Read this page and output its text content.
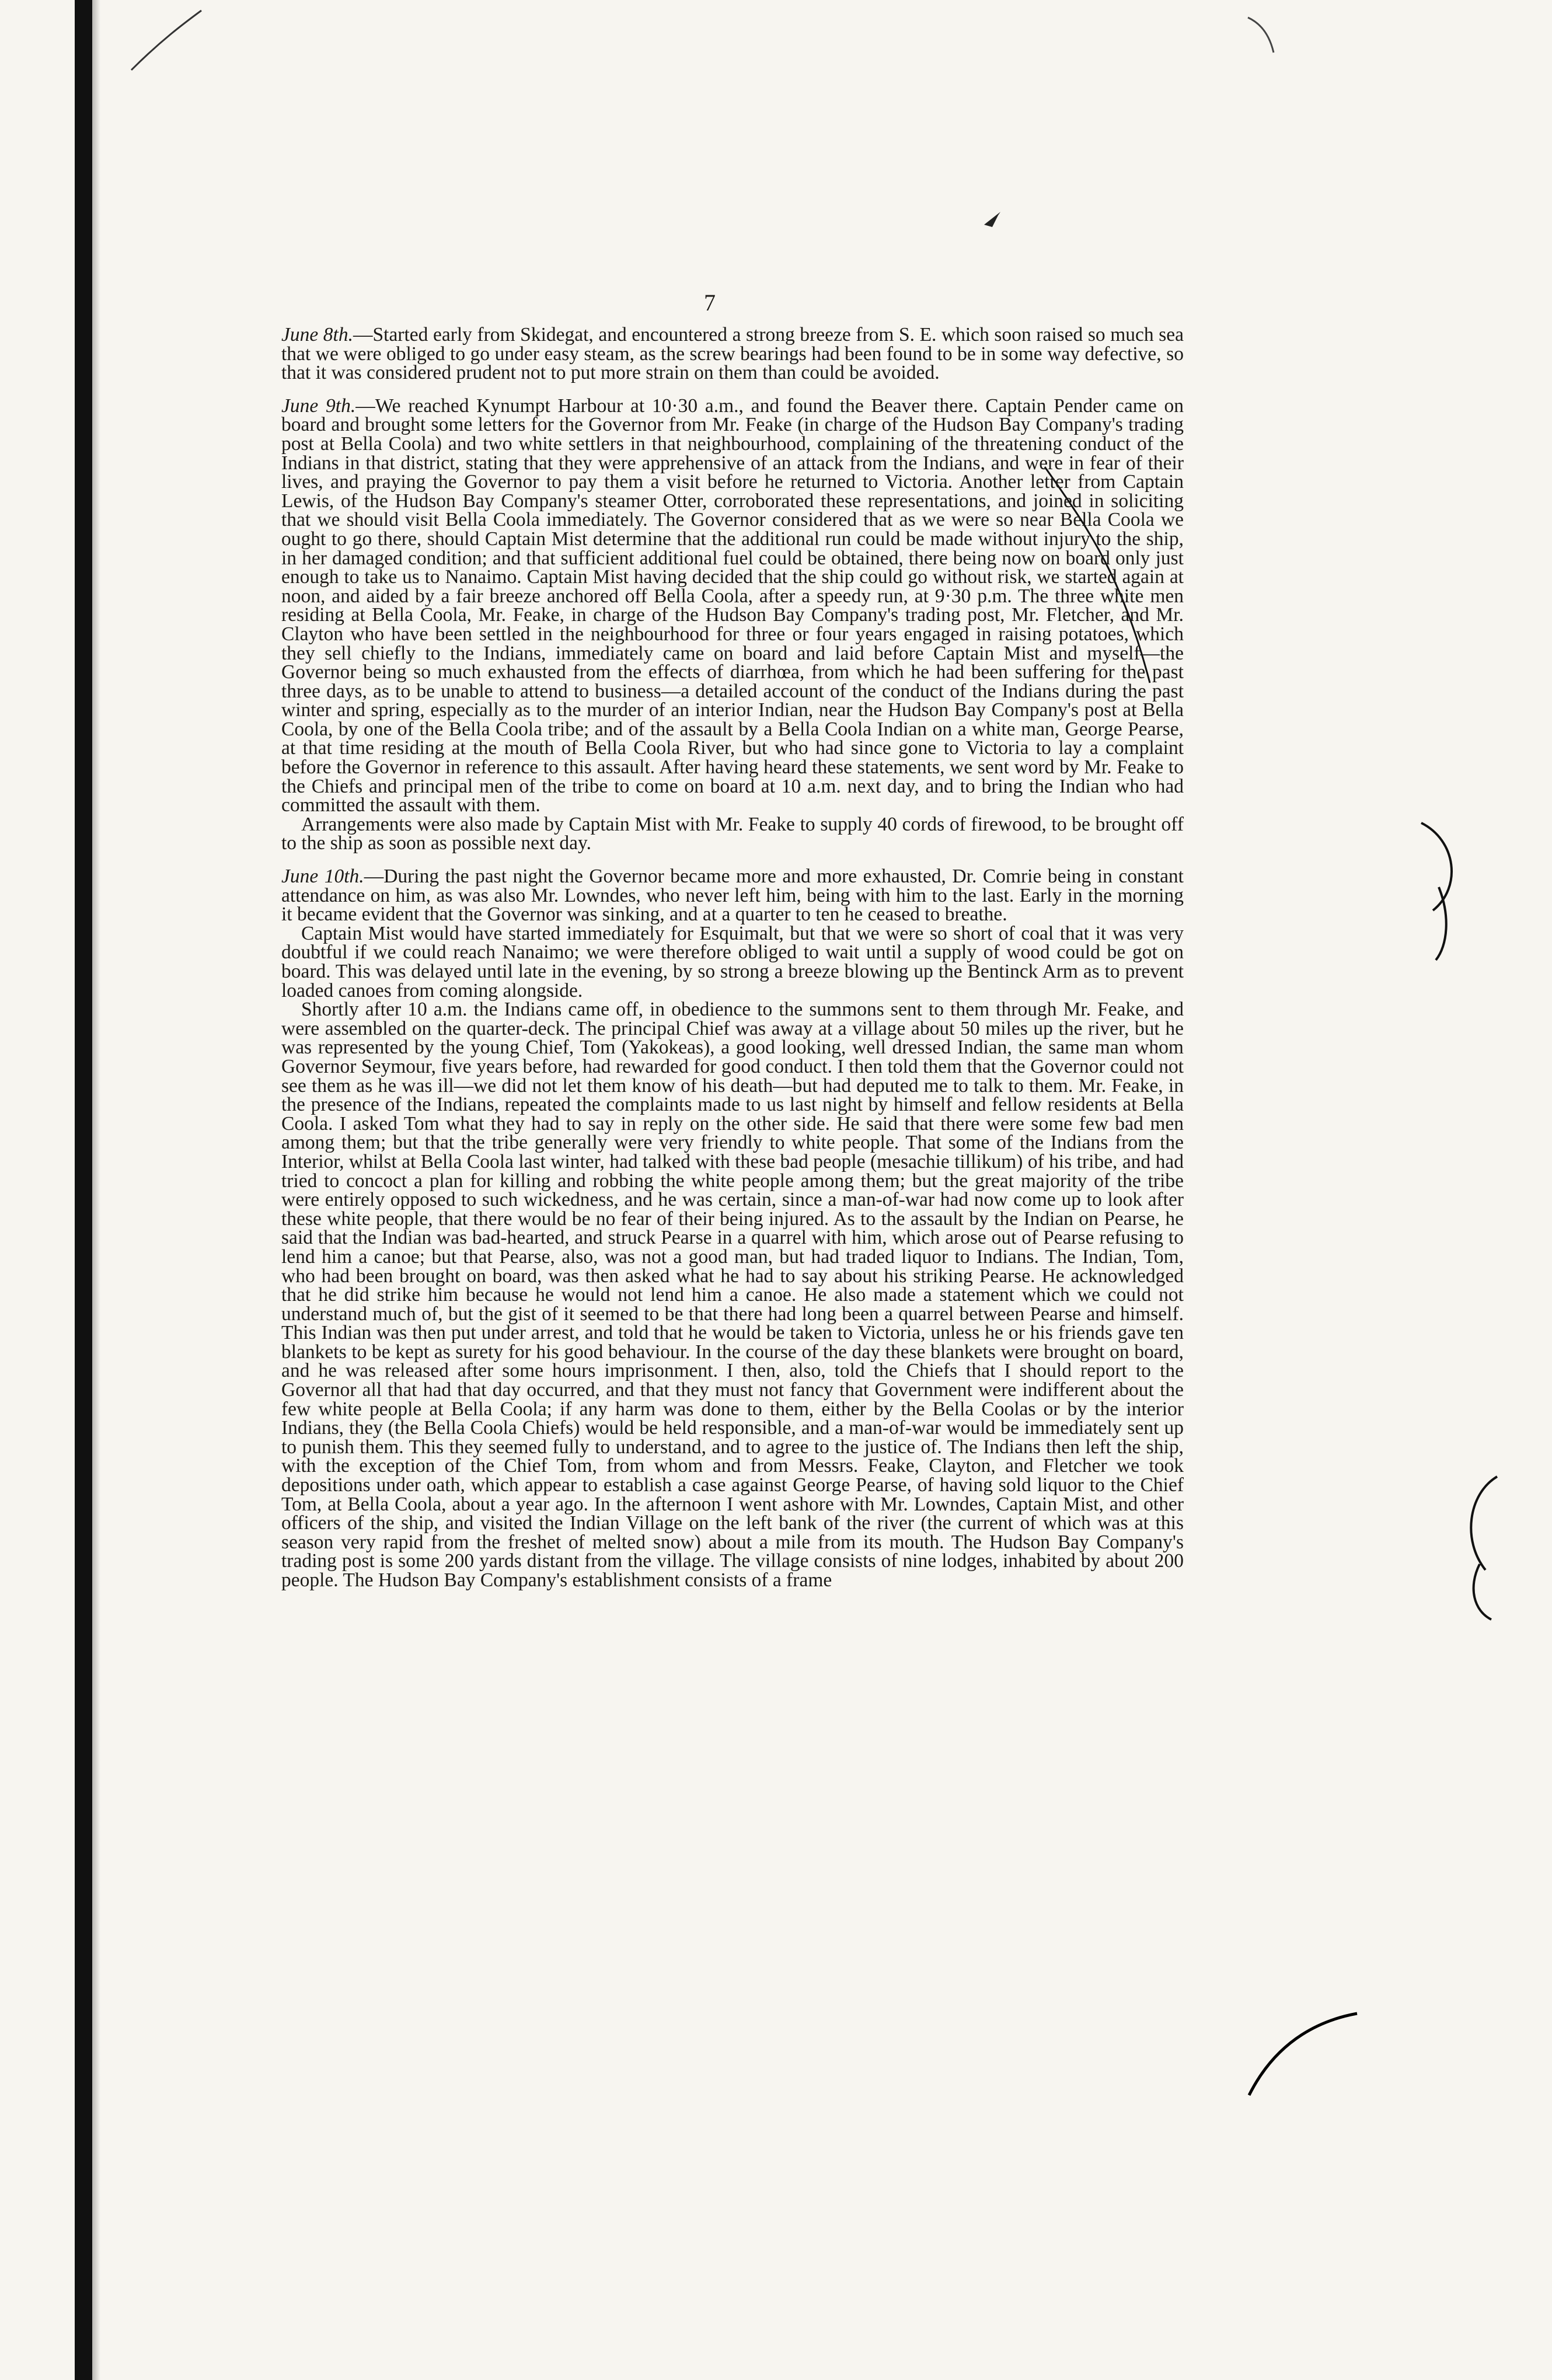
7

June 8th.—Started early from Skidegat, and encountered a strong breeze from S. E. which soon raised so much sea that we were obliged to go under easy steam, as the screw bearings had been found to be in some way defective, so that it was considered prudent not to put more strain on them than could be avoided.

June 9th.—We reached Kynumpt Harbour at 10·30 a.m., and found the Beaver there. Captain Pender came on board and brought some letters for the Governor from Mr. Feake (in charge of the Hudson Bay Company's trading post at Bella Coola) and two white settlers in that neighbourhood, complaining of the threatening conduct of the Indians in that district, stating that they were apprehensive of an attack from the Indians, and were in fear of their lives, and praying the Governor to pay them a visit before he returned to Victoria. Another letter from Captain Lewis, of the Hudson Bay Company's steamer Otter, corroborated these representations, and joined in soliciting that we should visit Bella Coola immediately. The Governor considered that as we were so near Bella Coola we ought to go there, should Captain Mist determine that the additional run could be made without injury to the ship, in her damaged condition; and that sufficient additional fuel could be obtained, there being now on board only just enough to take us to Nanaimo. Captain Mist having decided that the ship could go without risk, we started again at noon, and aided by a fair breeze anchored off Bella Coola, after a speedy run, at 9·30 p.m. The three white men residing at Bella Coola, Mr. Feake, in charge of the Hudson Bay Company's trading post, Mr. Fletcher, and Mr. Clayton who have been settled in the neighbourhood for three or four years engaged in raising potatoes, which they sell chiefly to the Indians, immediately came on board and laid before Captain Mist and myself—the Governor being so much exhausted from the effects of diarrhœa, from which he had been suffering for the past three days, as to be unable to attend to business—a detailed account of the conduct of the Indians during the past winter and spring, especially as to the murder of an interior Indian, near the Hudson Bay Company's post at Bella Coola, by one of the Bella Coola tribe; and of the assault by a Bella Coola Indian on a white man, George Pearse, at that time residing at the mouth of Bella Coola River, but who had since gone to Victoria to lay a complaint before the Governor in reference to this assault. After having heard these statements, we sent word by Mr. Feake to the Chiefs and principal men of the tribe to come on board at 10 a.m. next day, and to bring the Indian who had committed the assault with them.

Arrangements were also made by Captain Mist with Mr. Feake to supply 40 cords of firewood, to be brought off to the ship as soon as possible next day.

June 10th.—During the past night the Governor became more and more exhausted, Dr. Comrie being in constant attendance on him, as was also Mr. Lowndes, who never left him, being with him to the last. Early in the morning it became evident that the Governor was sinking, and at a quarter to ten he ceased to breathe.

Captain Mist would have started immediately for Esquimalt, but that we were so short of coal that it was very doubtful if we could reach Nanaimo; we were therefore obliged to wait until a supply of wood could be got on board. This was delayed until late in the evening, by so strong a breeze blowing up the Bentinck Arm as to prevent loaded canoes from coming alongside.

Shortly after 10 a.m. the Indians came off, in obedience to the summons sent to them through Mr. Feake, and were assembled on the quarter-deck. The principal Chief was away at a village about 50 miles up the river, but he was represented by the young Chief, Tom (Yakokeas), a good looking, well dressed Indian, the same man whom Governor Seymour, five years before, had rewarded for good conduct. I then told them that the Governor could not see them as he was ill—we did not let them know of his death—but had deputed me to talk to them. Mr. Feake, in the presence of the Indians, repeated the complaints made to us last night by himself and fellow residents at Bella Coola. I asked Tom what they had to say in reply on the other side. He said that there were some few bad men among them; but that the tribe generally were very friendly to white people. That some of the Indians from the Interior, whilst at Bella Coola last winter, had talked with these bad people (mesachie tillikum) of his tribe, and had tried to concoct a plan for killing and robbing the white people among them; but the great majority of the tribe were entirely opposed to such wickedness, and he was certain, since a man-of-war had now come up to look after these white people, that there would be no fear of their being injured. As to the assault by the Indian on Pearse, he said that the Indian was bad-hearted, and struck Pearse in a quarrel with him, which arose out of Pearse refusing to lend him a canoe; but that Pearse, also, was not a good man, but had traded liquor to Indians. The Indian, Tom, who had been brought on board, was then asked what he had to say about his striking Pearse. He acknowledged that he did strike him because he would not lend him a canoe. He also made a statement which we could not understand much of, but the gist of it seemed to be that there had long been a quarrel between Pearse and himself. This Indian was then put under arrest, and told that he would be taken to Victoria, unless he or his friends gave ten blankets to be kept as surety for his good behaviour. In the course of the day these blankets were brought on board, and he was released after some hours imprisonment. I then, also, told the Chiefs that I should report to the Governor all that had that day occurred, and that they must not fancy that Government were indifferent about the few white people at Bella Coola; if any harm was done to them, either by the Bella Coolas or by the interior Indians, they (the Bella Coola Chiefs) would be held responsible, and a man-of-war would be immediately sent up to punish them. This they seemed fully to understand, and to agree to the justice of. The Indians then left the ship, with the exception of the Chief Tom, from whom and from Messrs. Feake, Clayton, and Fletcher we took depositions under oath, which appear to establish a case against George Pearse, of having sold liquor to the Chief Tom, at Bella Coola, about a year ago. In the afternoon I went ashore with Mr. Lowndes, Captain Mist, and other officers of the ship, and visited the Indian Village on the left bank of the river (the current of which was at this season very rapid from the freshet of melted snow) about a mile from its mouth. The Hudson Bay Company's trading post is some 200 yards distant from the village. The village consists of nine lodges, inhabited by about 200 people. The Hudson Bay Company's establishment consists of a frame
